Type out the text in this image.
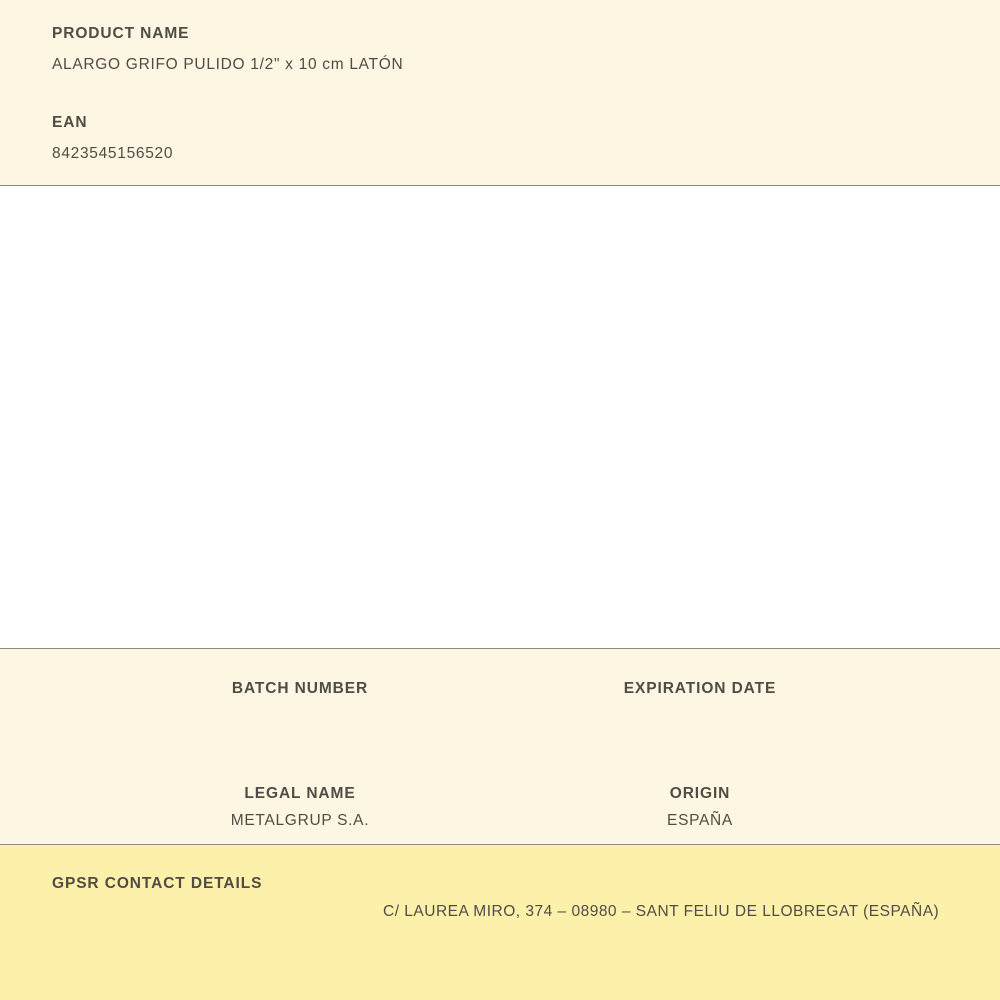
PRODUCT NAME
ALARGO GRIFO PULIDO 1/2" x 10 cm LATÓN
EAN
8423545156520
BATCH NUMBER	EXPIRATION DATE
LEGAL NAME
METALGRUP S.A.
ORIGIN
ESPAÑA
GPSR CONTACT DETAILS
C/ LAUREA MIRO, 374 – 08980 – SANT FELIU DE LLOBREGAT (ESPAÑA)
